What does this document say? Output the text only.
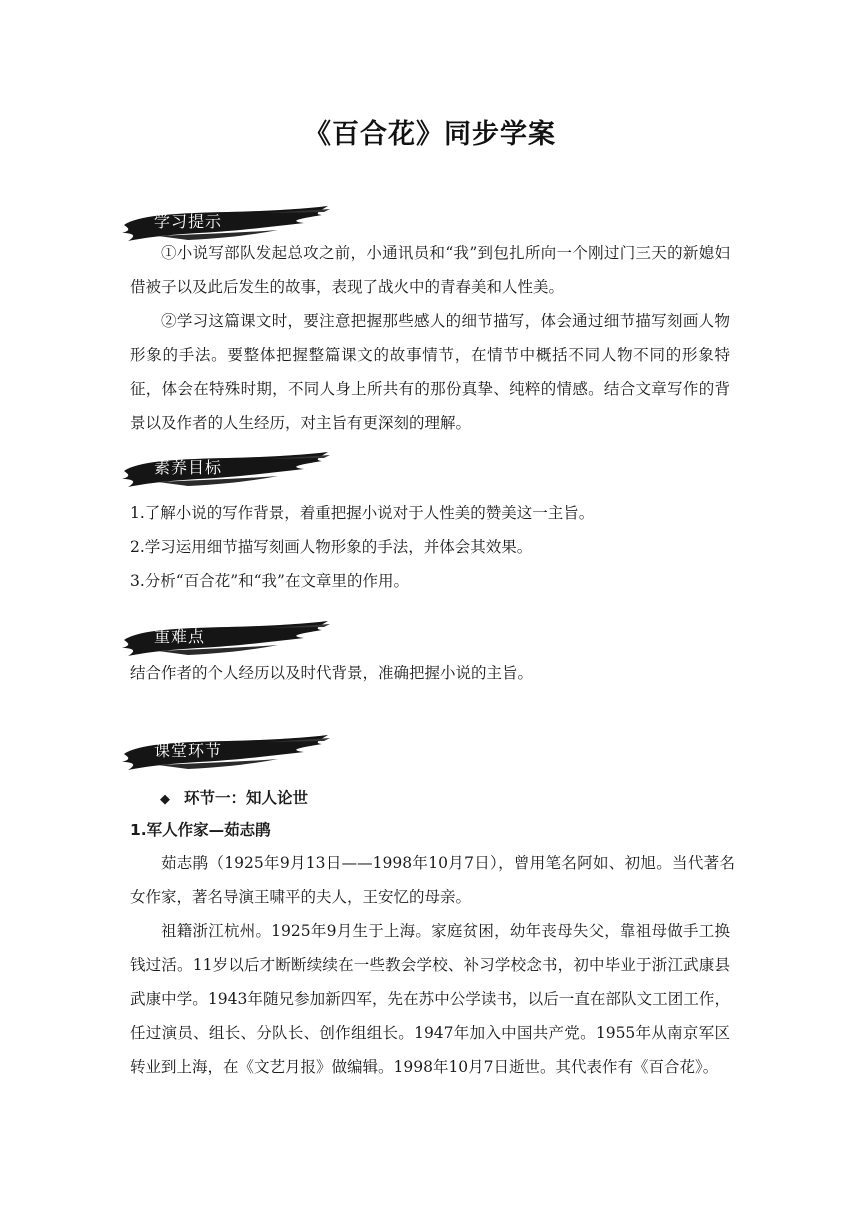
《百合花》同步学案
学习提示
①小说写部队发起总攻之前，小通讯员和“我”到包扎所向一个刚过门三天的新媳妇借被子以及此后发生的故事，表现了战火中的青春美和人性美。
②学习这篇课文时，要注意把握那些感人的细节描写，体会通过细节描写刻画人物形象的手法。要整体把握整篇课文的故事情节，在情节中概括不同人物不同的形象特征，体会在特殊时期，不同人身上所共有的那份真挚、纯粹的情感。结合文章写作的背景以及作者的人生经历，对主旨有更深刻的理解。
素养目标
1.了解小说的写作背景，着重把握小说对于人性美的赞美这一主旨。
2.学习运用细节描写刻画人物形象的手法，并体会其效果。
3.分析“百合花”和“我”在文章里的作用。
重难点
结合作者的个人经历以及时代背景，准确把握小说的主旨。
课堂环节
◆ 环节一：知人论世
1.军人作家—茹志鹃
茹志鹃（1925年9月13日——1998年10月7日），曾用笔名阿如、初旭。当代著名女作家，著名导演王啸平的夫人，王安忆的母亲。
祖籍浙江杭州。1925年9月生于上海。家庭贫困，幼年丧母失父，靠祖母做手工换钱过活。11岁以后才断断续续在一些教会学校、补习学校念书，初中毕业于浙江武康县武康中学。1943年随兄参加新四军，先在苏中公学读书，以后一直在部队文工团工作，任过演员、组长、分队长、创作组组长。1947年加入中国共产党。1955年从南京军区转业到上海，在《文艺月报》做编辑。1998年10月7日逝世。其代表作有《百合花》。
